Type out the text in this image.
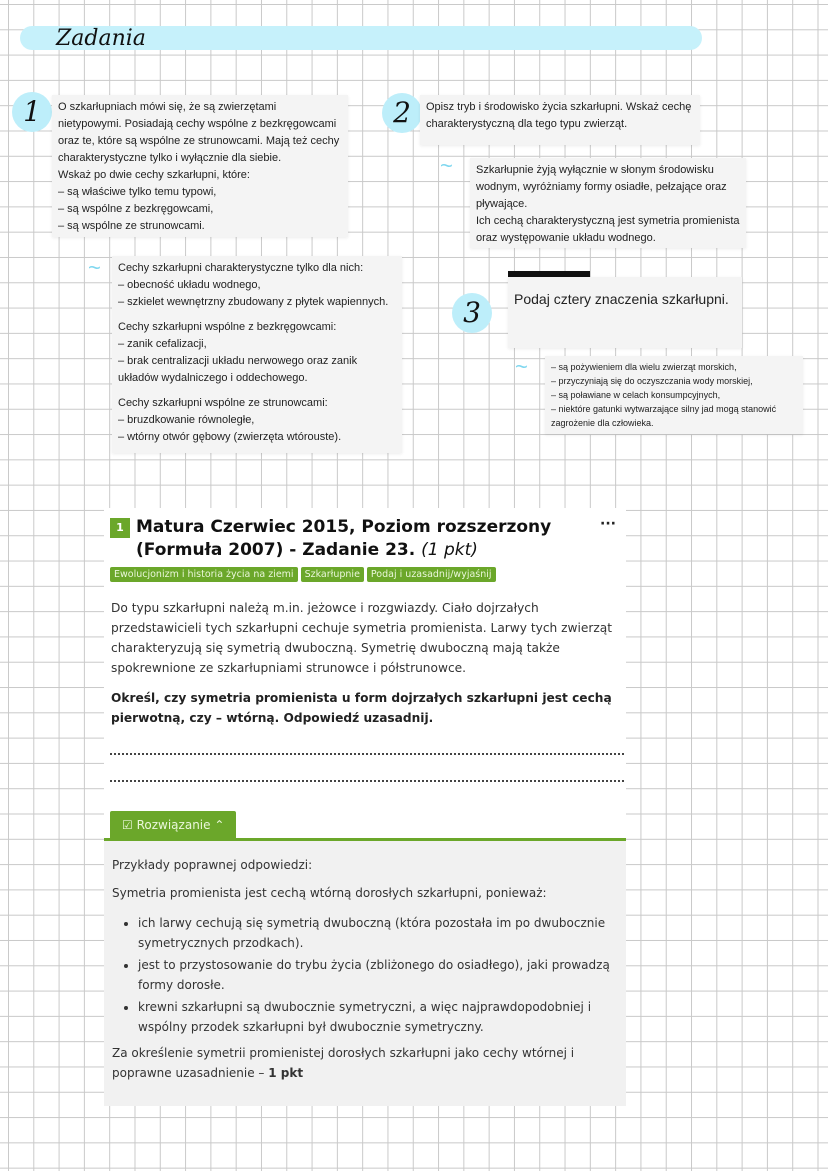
Zadania
1	O szkarłupniach mówi się, że są zwierzętami
nietypowymi. Posiadają cechy wspólne z bezkręgowcami
oraz te, które są wspólne ze strunowcami. Mają też cechy
charakterystyczne tylko i wyłącznie dla siebie.
Wskaż po dwie cechy szkarłupni, które:
– są właściwe tylko temu typowi,
– są wspólne z bezkręgowcami,
– są wspólne ze strunowcami.

~ Cechy szkarłupni charakterystyczne tylko dla nich:
– obecność układu wodnego,
– szkielet wewnętrzny zbudowany z płytek wapiennych.

Cechy szkarłupni wspólne z bezkręgowcami:
– zanik cefalizacji,
– brak centralizacji układu nerwowego oraz zanik
układów wydalniczego i oddechowego.

Cechy szkarłupni wspólne ze strunowcami:
– bruzdkowanie równoległe,
– wtórny otwór gębowy (zwierzęta wtórouste).

2	Opisz tryb i środowisko życia szkarłupni. Wskaż cechę
charakterystyczną dla tego typu zwierząt.

~ Szkarłupnie żyją wyłącznie w słonym środowisku
wodnym, wyróżniamy formy osiadłe, pełzające oraz
pływające.
Ich cechą charakterystyczną jest symetria promienista
oraz występowanie układu wodnego.

3	Podaj cztery znaczenia szkarłupni.

~	– są pożywieniem dla wielu zwierząt morskich,
– przyczyniają się do oczyszczania wody morskiej,
– są poławiane w celach konsumpcyjnych,
– niektóre gatunki wytwarzające silny jad mogą stanowić
zagrożenie dla człowieka.

1 Matura Czerwiec 2015, Poziom rozszerzony (Formuła 2007) - Zadanie 23. (1 pkt)
···
Ewolucjonizm i historia życia na ziemi	Szkarłupnie	Podaj i uzasadnij/wyjaśnij

Do typu szkarłupni należą m.in. jeżowce i rozgwiazdy. Ciało dojrzałych przedstawicieli tych szkarłupni cechuje symetria promienista. Larwy tych zwierząt charakteryzują się symetrią dwuboczną. Symetrię dwuboczną mają także spokrewnione ze szkarłupniami strunowce i półstrunowce.

Określ, czy symetria promienista u form dojrzałych szkarłupni jest cechą pierwotną, czy – wtórną. Odpowiedź uzasadnij.

☑ Rozwiązanie ⌃

Przykłady poprawnej odpowiedzi:

Symetria promienista jest cechą wtórną dorosłych szkarłupni, ponieważ:

• ich larwy cechują się symetrią dwuboczną (która pozostała im po dwubocznie symetrycznych przodkach).
• jest to przystosowanie do trybu życia (zbliżonego do osiadłego), jaki prowadzą formy dorosłe.
• krewni szkarłupni są dwubocznie symetryczni, a więc najprawdopodobniej i wspólny przodek szkarłupni był dwubocznie symetryczny.

Za określenie symetrii promienistej dorosłych szkarłupni jako cechy wtórnej i poprawne uzasadnienie – 1 pkt
